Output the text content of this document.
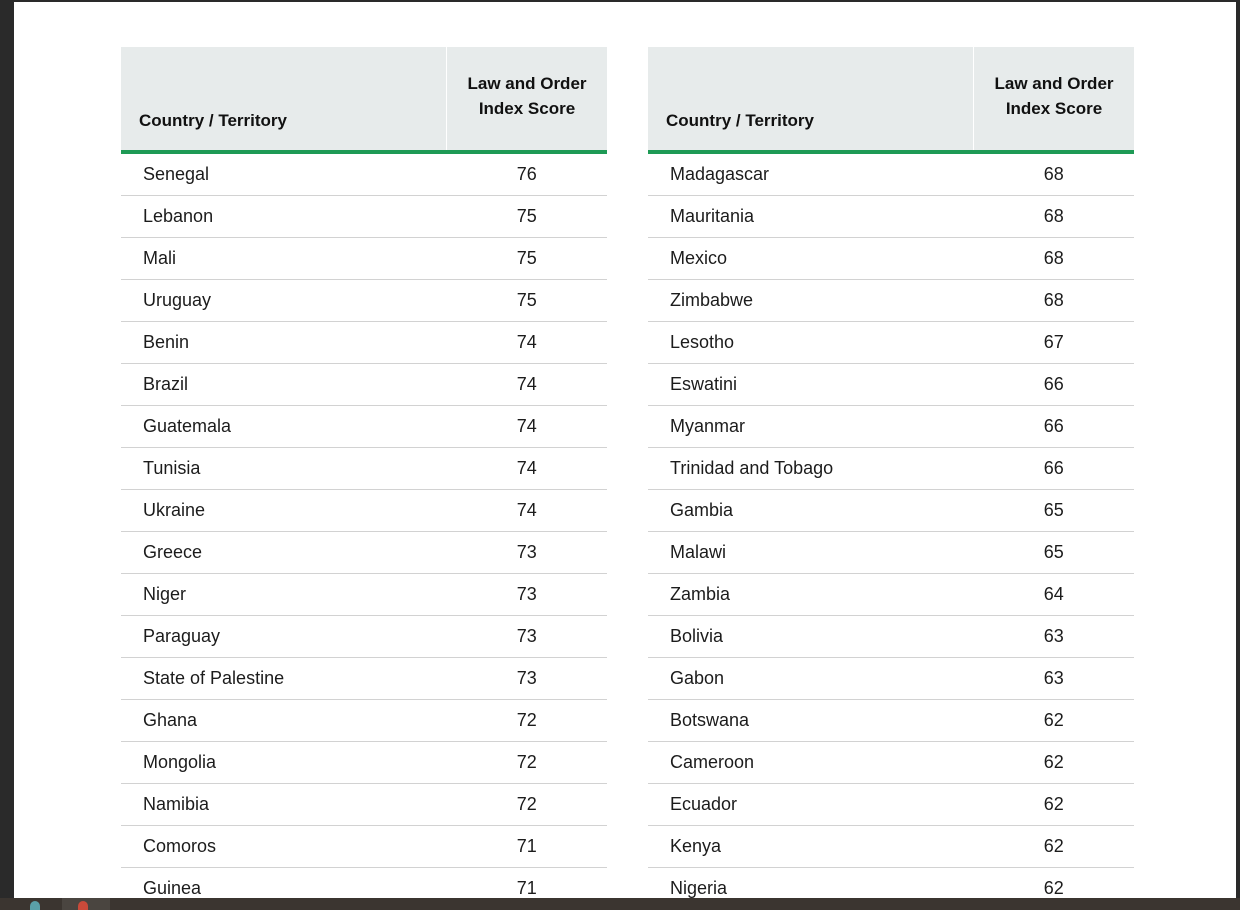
Country / Territory	Law and Order
Index Score

Senegal	76
Lebanon	75
Mali	75
Uruguay	75
Benin	74
Brazil	74
Guatemala	74
Tunisia	74
Ukraine	74
Greece	73
Niger	73
Paraguay	73
State of Palestine	73
Ghana	72
Mongolia	72
Namibia	72
Comoros	71
Guinea	71
Country / Territory	Law and Order
Index Score

Madagascar	68
Mauritania	68
Mexico	68
Zimbabwe	68
Lesotho	67
Eswatini	66
Myanmar	66
Trinidad and Tobago	66
Gambia	65
Malawi	65
Zambia	64
Bolivia	63
Gabon	63
Botswana	62
Cameroon	62
Ecuador	62
Kenya	62
Nigeria	62
